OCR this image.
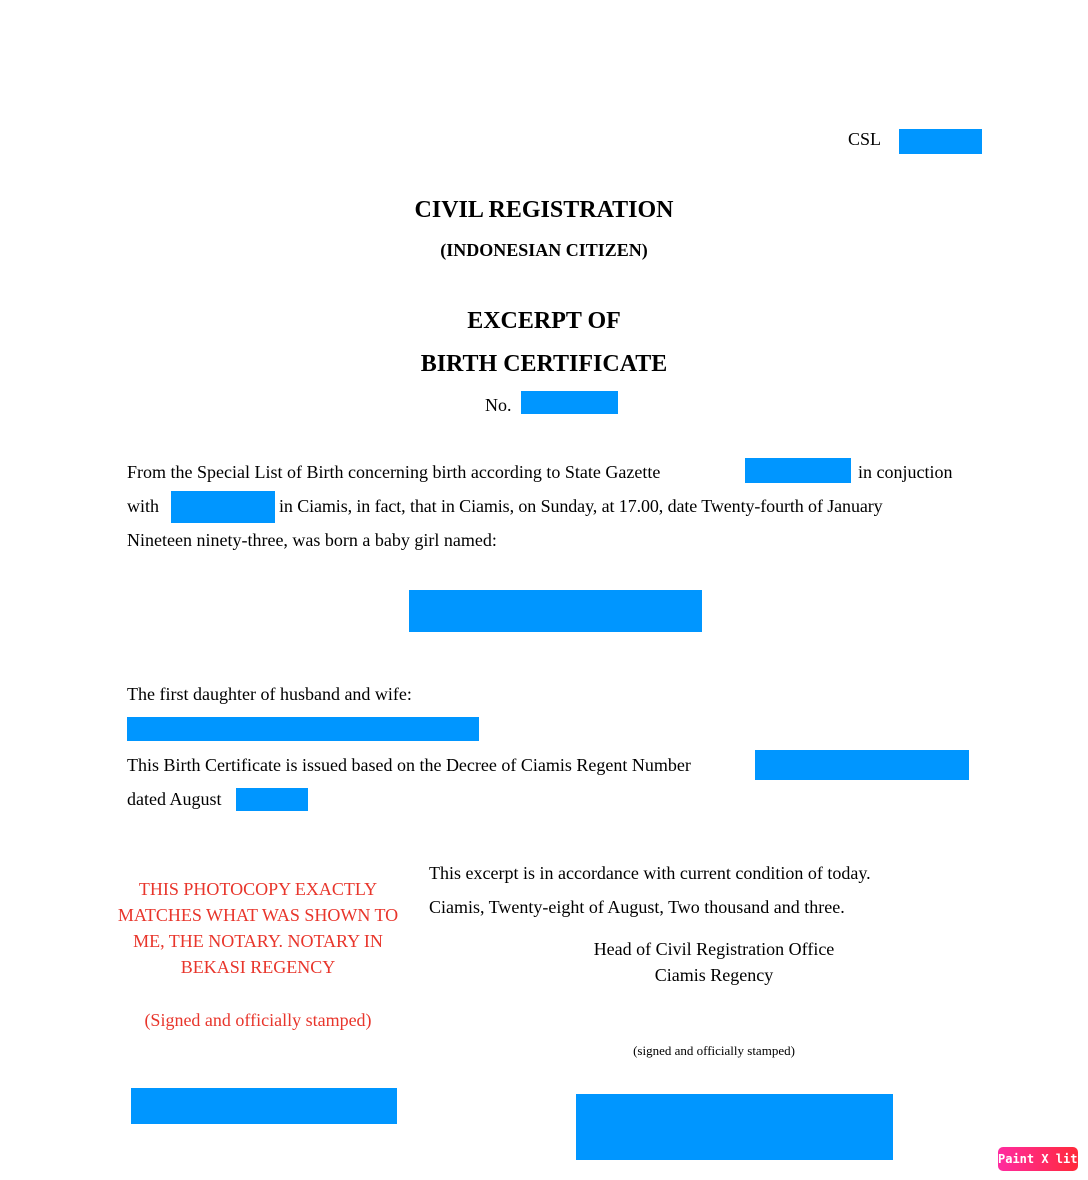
CSL
CIVIL REGISTRATION
(INDONESIAN CITIZEN)
EXCERPT OF
BIRTH CERTIFICATE
No.
From the Special List of Birth concerning birth according to State Gazette	in conjuction
with	in Ciamis, in fact, that in Ciamis, on Sunday, at 17.00, date Twenty-fourth of January
Nineteen ninety-three, was born a baby girl named:
The first daughter of husband and wife:
This Birth Certificate is issued based on the Decree of Ciamis Regent Number
dated August
THIS PHOTOCOPY EXACTLY MATCHES WHAT WAS SHOWN TO ME, THE NOTARY. NOTARY IN BEKASI REGENCY
(Signed and officially stamped)
This excerpt is in accordance with current condition of today.
Ciamis, Twenty-eight of August, Two thousand and three.
Head of Civil Registration Office
Ciamis Regency
(signed and officially stamped)
Paint X lite
